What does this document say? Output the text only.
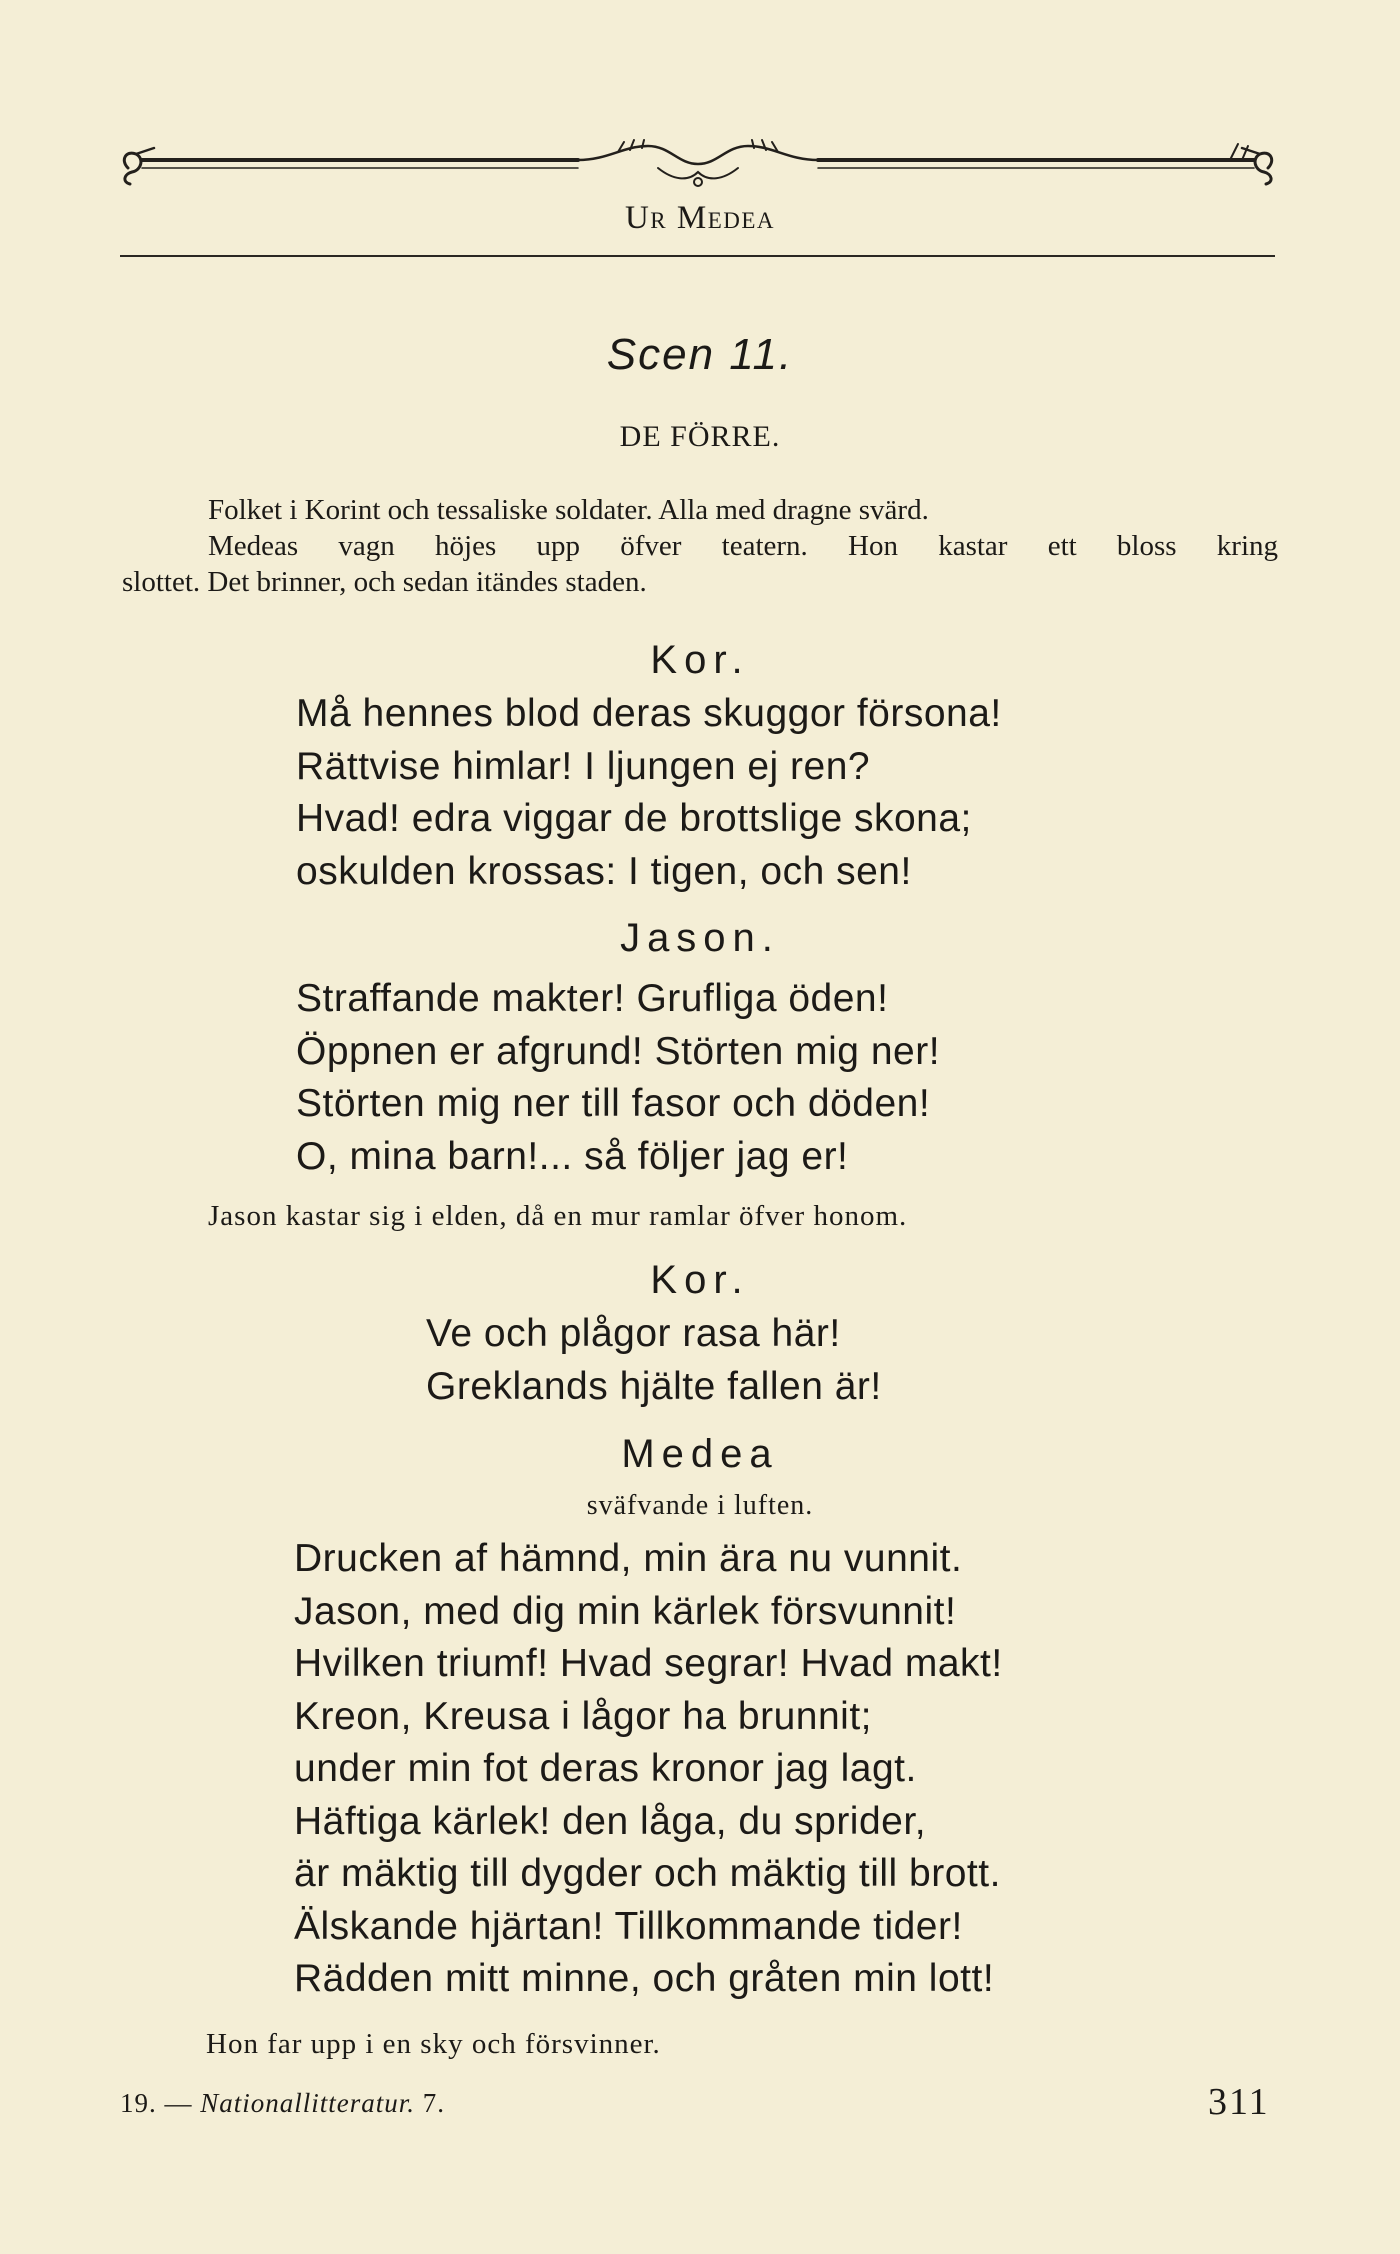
Ur Medea
Scen 11.
DE FÖRRE.
Folket i Korint och tessaliske soldater. Alla med dragne svärd.
Medeas vagn höjes upp öfver teatern. Hon kastar ett bloss kring
slottet. Det brinner, och sedan itändes staden.
Kor.
Må hennes blod deras skuggor försona!
Rättvise himlar! I ljungen ej ren?
Hvad! edra viggar de brottslige skona;
oskulden krossas: I tigen, och sen!
Jason.
Straffande makter! Grufliga öden!
Öppnen er afgrund! Störten mig ner!
Störten mig ner till fasor och döden!
O, mina barn!... så följer jag er!
Jason kastar sig i elden, då en mur ramlar öfver honom.
Kor.
Ve och plågor rasa här!
Greklands hjälte fallen är!
Medea
sväfvande i luften.
Drucken af hämnd, min ära nu vunnit.
Jason, med dig min kärlek försvunnit!
Hvilken triumf! Hvad segrar! Hvad makt!
Kreon, Kreusa i lågor ha brunnit;
under min fot deras kronor jag lagt.
Häftiga kärlek! den låga, du sprider,
är mäktig till dygder och mäktig till brott.
Älskande hjärtan! Tillkommande tider!
Rädden mitt minne, och gråten min lott!
Hon far upp i en sky och försvinner.
19. — Nationallitteratur. 7.	311
